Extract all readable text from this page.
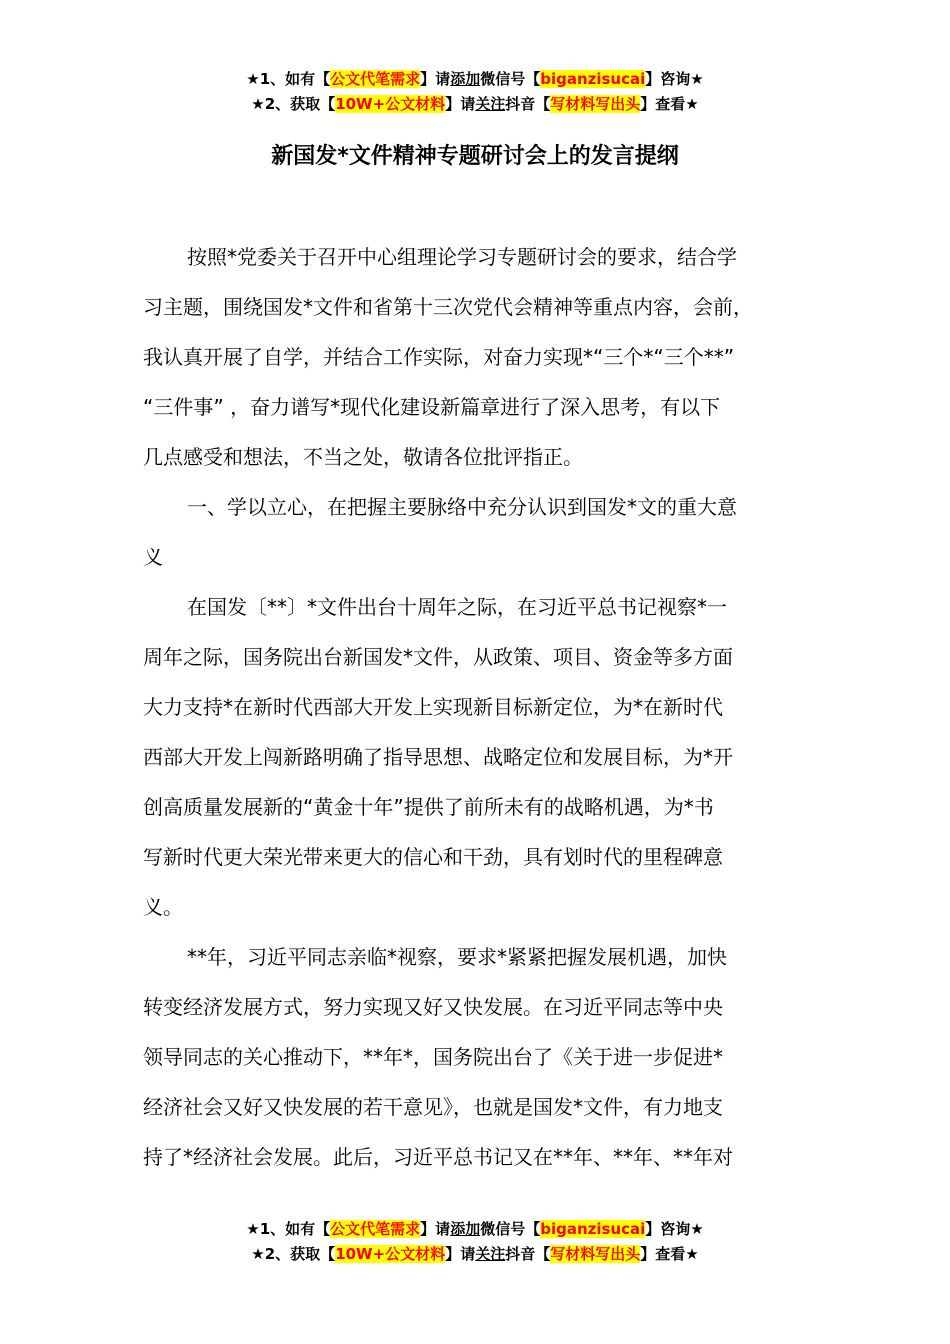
★1、如有【公文代笔需求】请添加微信号【biganzisucai】咨询★
★2、获取【10W+公文材料】请关注抖音【写材料写出头】查看★
新国发*文件精神专题研讨会上的发言提纲
按照*党委关于召开中心组理论学习专题研讨会的要求，结合学
习主题，围绕国发*文件和省第十三次党代会精神等重点内容，会前，
我认真开展了自学，并结合工作实际，对奋力实现*“三个*“三个**”
“三件事” ，奋力谱写*现代化建设新篇章进行了深入思考，有以下
几点感受和想法，不当之处，敬请各位批评指正。
一、学以立心，在把握主要脉络中充分认识到国发*文的重大意
义
在国发〔**〕*文件出台十周年之际，在习近平总书记视察*一
周年之际，国务院出台新国发*文件，从政策、项目、资金等多方面
大力支持*在新时代西部大开发上实现新目标新定位，为*在新时代
西部大开发上闯新路明确了指导思想、战略定位和发展目标，为*开
创高质量发展新的“黄金十年”提供了前所未有的战略机遇，为*书
写新时代更大荣光带来更大的信心和干劲，具有划时代的里程碑意
义。
**年，习近平同志亲临*视察，要求*紧紧把握发展机遇，加快
转变经济发展方式，努力实现又好又快发展。在习近平同志等中央
领导同志的关心推动下，**年*，国务院出台了《关于进一步促进*
经济社会又好又快发展的若干意见》，也就是国发*文件，有力地支
持了*经济社会发展。此后，习近平总书记又在**年、**年、**年对
★1、如有【公文代笔需求】请添加微信号【biganzisucai】咨询★
★2、获取【10W+公文材料】请关注抖音【写材料写出头】查看★
